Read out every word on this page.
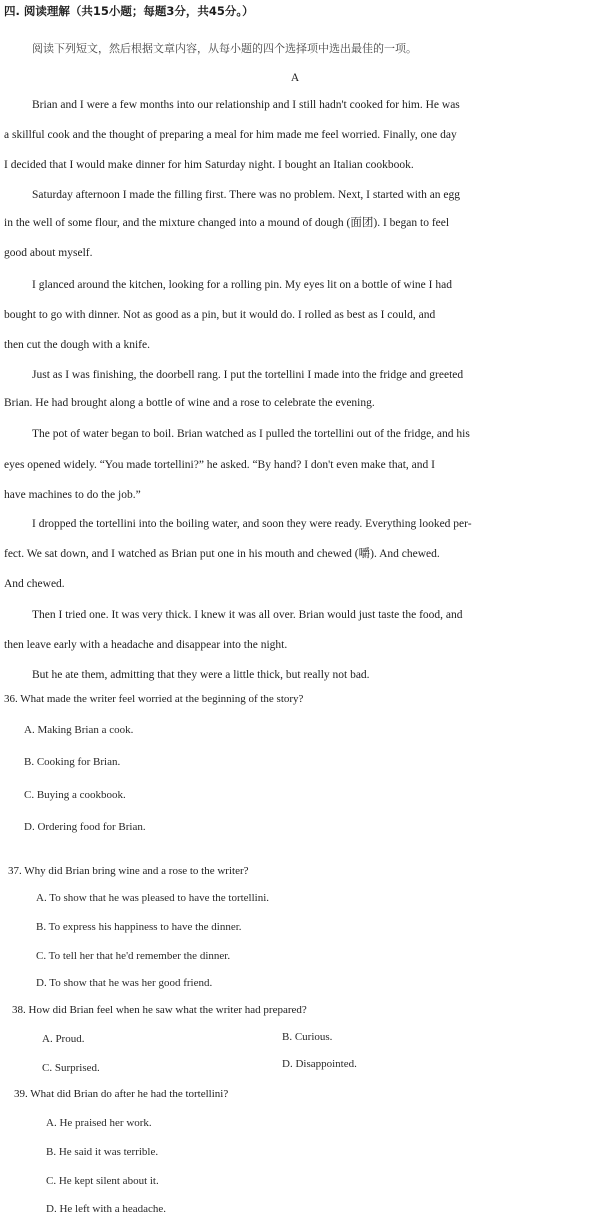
四. 阅读理解（共15小题；每题3分，共45分。）
阅读下列短文，然后根据文章内容，从每小题的四个选择项中选出最佳的一项。
A
Brian and I were a few months into our relationship and I still hadn't cooked for him. He was
a skillful cook and the thought of preparing a meal for him made me feel worried. Finally, one day
I decided that I would make dinner for him Saturday night. I bought an Italian cookbook.
Saturday afternoon I made the filling first. There was no problem. Next, I started with an egg
in the well of some flour, and the mixture changed into a mound of dough (面团). I began to feel
good about myself.
I glanced around the kitchen, looking for a rolling pin. My eyes lit on a bottle of wine I had
bought to go with dinner. Not as good as a pin, but it would do. I rolled as best as I could, and
then cut the dough with a knife.
Just as I was finishing, the doorbell rang. I put the tortellini I made into the fridge and greeted
Brian. He had brought along a bottle of wine and a rose to celebrate the evening.
The pot of water began to boil. Brian watched as I pulled the tortellini out of the fridge, and his
eyes opened widely. “You made tortellini?” he asked. “By hand? I don't even make that, and I
have machines to do the job.”
I dropped the tortellini into the boiling water, and soon they were ready. Everything looked per-
fect. We sat down, and I watched as Brian put one in his mouth and chewed (嚼). And chewed.
And chewed.
Then I tried one. It was very thick. I knew it was all over. Brian would just taste the food, and
then leave early with a headache and disappear into the night.
But he ate them, admitting that they were a little thick, but really not bad.
36. What made the writer feel worried at the beginning of the story?
A. Making Brian a cook.
B. Cooking for Brian.
C. Buying a cookbook.
D. Ordering food for Brian.
37. Why did Brian bring wine and a rose to the writer?
A. To show that he was pleased to have the tortellini.
B. To express his happiness to have the dinner.
C. To tell her that he'd remember the dinner.
D. To show that he was her good friend.
38. How did Brian feel when he saw what the writer had prepared?
A. Proud.	B. Curious.
C. Surprised.	D. Disappointed.
39. What did Brian do after he had the tortellini?
A. He praised her work.
B. He said it was terrible.
C. He kept silent about it.
D. He left with a headache.
